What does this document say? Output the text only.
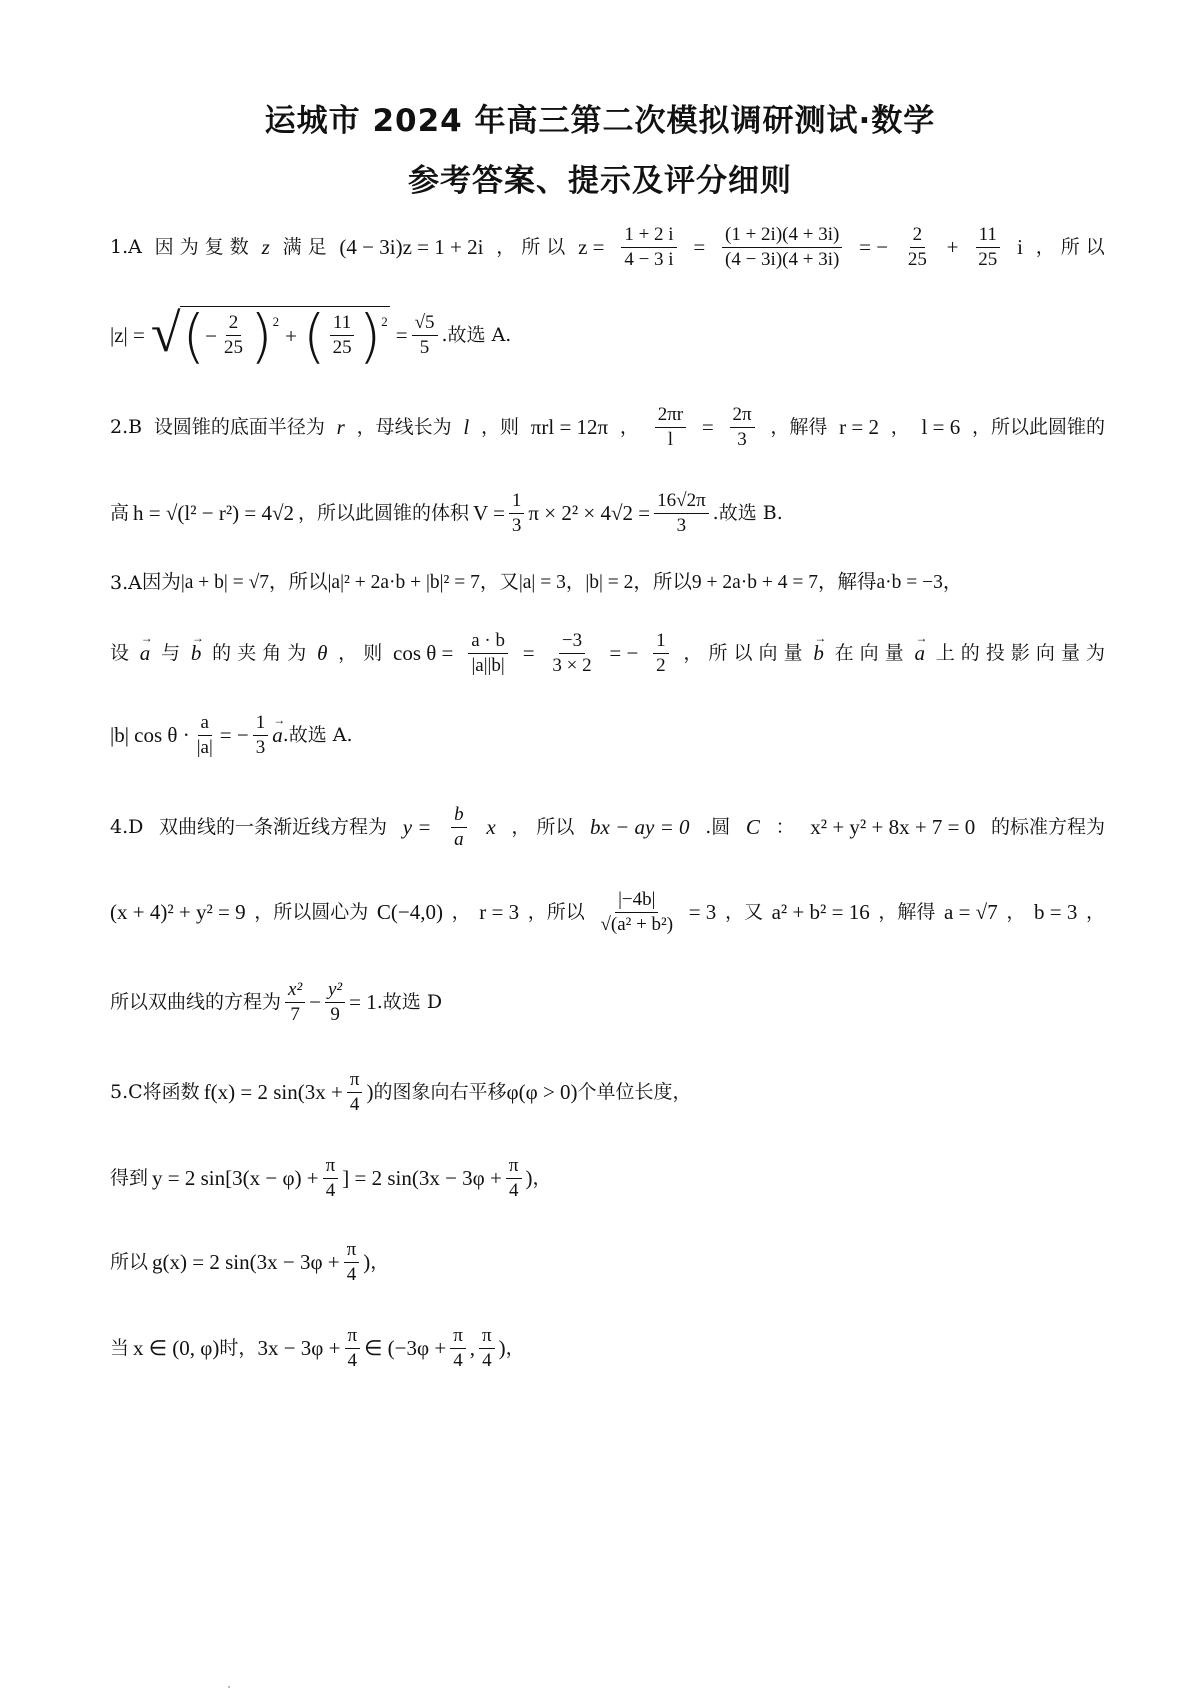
运城市 2024 年高三第二次模拟调研测试·数学
参考答案、提示及评分细则
1.A 因 为 复 数 z 满 足 (4 − 3i)z = 1 + 2i ， 所 以 $z = \frac{1 + 2 i}{4 - 3 i} = \frac{(1 + 2i)(4 + 3i)}{(4 - 3i)(4 + 3i)}$ = − $\frac{2}{25} + \frac{11}{25}$ i ， 所 以
|z| = √ ( − $\frac{2}{25} )^2$
+ ( $\frac{11}{25} )^2$
= $\frac{√5}{5}$ .故选 A.
2.B 设圆锥的底面半径为 r ，母线长为 l ，则 πrl = 12π ， $\frac{2\pi r}{l} = \frac{2\pi}{3}$ ，解得 r = 2 ， l = 6 ，所以此圆锥的
高 h = √(l² − r²) = 4√2 ，所以此圆锥的体积 $V = \frac{1}{3}$ $\pi \times 2^2 \times 4√2 = \frac{16√2\pi}{3}$ .故选 B.
3.A 因为|a + b| = √7，所以|a|² + 2a·b + |b|² = 7，又|a| = 3，|b| = 2，所以9 + 2a·b + 4 = 7，解得a·b = −3，
设
→ a 与
→ b 的 夹 角 为 θ ， 则 $\cos \theta = \frac{a \cdot b}{|a||b|} = \frac{-3}{3 \times 2}$ = − $\frac{1}{2}$ ， 所 以 向 量
→ b 在 向 量
→ a 上 的 投 影 向 量 为
|b| $\cos \theta \cdot \frac{a}{|a|}$ = − $\frac{1}{3}$
→ a .故选 A.
4.D 双曲线的一条渐近线方程为 $y = \frac{b}{a}$ x ， 所以 bx − ay = 0 .圆 C ： x² + y² + 8x + 7 = 0 的标准方程为
(x + 4)² + y² = 9 ，所以圆心为 C(−4,0) ， r = 3 ，所以 $\frac{|-4b|}{\text{√(a² + b²)}} = 3$ ，又 a² + b² = 16 ，解得 a = √7 ， b = 3 ，
所以双曲线的方程为 $\frac{\text{x²}}{7} - \frac{\text{y²}}{9} = 1$ .故选 D
5.C 将函数 f(x) = 2 $\sin(3x + \frac{\pi}{4}$ ) 的图象向右平移 φ(φ > 0) 个单位长度，
得到 y = 2 $\sin[3(x - \varphi) + \frac{\pi}{4}$ ] = 2 $\sin(3x - 3\varphi + \frac{\pi}{4}$ ) ，
所以 g(x) = 2 $\sin(3x - 3\varphi + \frac{\pi}{4}$ ) ，
当 x ∈ (0, φ) 时， $3x - 3\varphi + \frac{\pi}{4}$ ∈ ($-3\varphi + \frac{\pi}{4}$ , $\frac{\pi}{4}$ ) ，
